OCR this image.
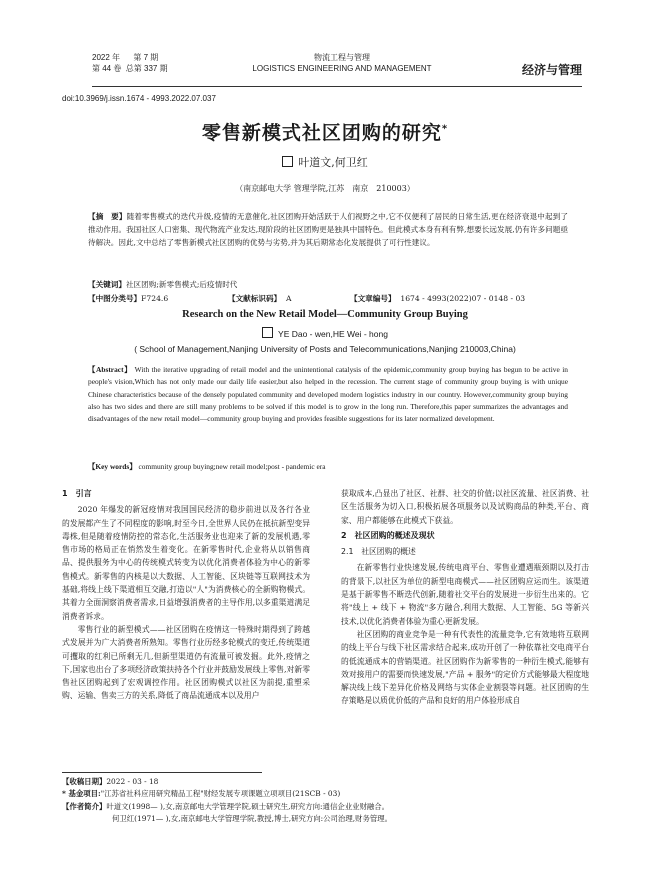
2022 年 第 7 期
第 44 卷 总第 337 期
物流工程与管理
LOGISTICS ENGINEERING AND MANAGEMENT	经济与管理
doi:10.3969/j.issn.1674 - 4993.2022.07.037
零售新模式社区团购的研究*
叶道文,何卫红
（南京邮电大学 管理学院,江苏　南京　210003）
【摘　要】随着零售模式的迭代升级,疫情的无意催化,社区团购开始活跃于人们视野之中,它不仅便利了居民的日常生活,更在经济衰退中起到了推动作用。我国社区人口密集、现代物流产业发达,现阶段的社区团购更是独具中国特色。但此模式本身有利有弊,想要长远发展,仍有许多问题亟待解决。因此,文中总结了零售新模式社区团购的优势与劣势,并为其后期常态化发展提供了可行性建议。
【关键词】社区团购;新零售模式;后疫情时代
【中图分类号】F724.6	【文献标识码】 A	【文章编号】 1674 - 4993(2022)07 - 0148 - 03
Research on the New Retail Model—Community Group Buying
YE Dao - wen,HE Wei - hong
( School of Management,Nanjing University of Posts and Telecommunications,Nanjing 210003,China)
【Abstract】 With the iterative upgrading of retail model and the unintentional catalysis of the epidemic,community group buying has begun to be active in people's vision,Which has not only made our daily life easier,but also helped in the recession. The current stage of community group buying is with unique Chinese characteristics because of the densely populated community and developed modern logistics industry in our country. However,community group buying also has two sides and there are still many problems to be solved if this model is to grow in the long run. Therefore,this paper summarizes the advantages and disadvantages of the new retail model—community group buying and provides feasible suggestions for its later normalized development.
【Key words】 community group buying;new retail model;post - pandemic era
1　引言

2020 年爆发的新冠疫情对我国国民经济的稳步前进以及各行各业的发展都产生了不同程度的影响,时至今日,全世界人民仍在抵抗新型变异毒株,但是随着疫情防控的常态化,生活服务业也迎来了新的发展机遇,零售市场的格局正在悄然发生着变化。在新零售时代,企业将从以销售商品、提供服务为中心的传统模式转变为以优化消费者体验为中心的新零售模式。新零售的内核是以大数据、人工智能、区块链等互联网技术为基础,将线上线下渠道相互交融,打造以"人"为消费核心的全新购物模式。其着力全面洞察消费者需求,日益增强消费者的主导作用,以多重渠道满足消费者诉求。

零售行业的新型模式——社区团购在疫情这一特殊时期得到了跨越式发展并为广大消费者所熟知。零售行业历经多轮模式的变迁,传统渠道可攫取的红利已所剩无几,但新型渠道仍有流量可被发掘。此外,疫情之下,国家也出台了多项经济政策扶持各个行业并鼓励发展线上零售,对新零售社区团购起到了宏观调控作用。社区团购模式以社区为前提,重塑采购、运输、售卖三方的关系,降低了商品流通成本以及用户

获取成本,凸显出了社区、社群、社交的价值;以社区流量、社区消费、社区生活服务为切入口,积极拓展各项服务以及试购商品的种类,平台、商家、用户都能够在此模式下获益。

2　社区团购的概述及现状
2.1　社区团购的概述

在新零售行业快速发展,传统电商平台、零售业遭遇瓶颈期以及打击的背景下,以社区为单位的新型电商模式——社区团购应运而生。该渠道是基于新零售不断迭代创新,随着社交平台的发展进一步衍生出来的。它将"线上 + 线下 + 物流"多方融合,利用大数据、人工智能、5G 等新兴技术,以优化消费者体验为重心更新发展。

社区团购的商业竞争是一种有代表性的流量竞争,它有效地将互联网的线上平台与线下社区需求结合起来,成功开创了一种依靠社交电商平台的低流通成本的营销渠道。社区团购作为新零售的一种衍生模式,能够有效对接用户的需要而快速发展,"产品 + 服务"的定价方式能够最大程度地解决线上线下差异化价格及网络与实体企业割裂等问题。社区团购的生存策略是以质优价低的产品和良好的用户体验形成自

【收稿日期】2022 - 03 - 18
* 基金项目:"江苏省社科应用研究精品工程"财经发展专项课题立项项目(21SCB - 03)
【作者简介】叶道文(1998— ),女,南京邮电大学管理学院,硕士研究生,研究方向:通信企业业财融合。
何卫红(1971— ),女,南京邮电大学管理学院,教授,博士,研究方向:公司治理,财务管理。
